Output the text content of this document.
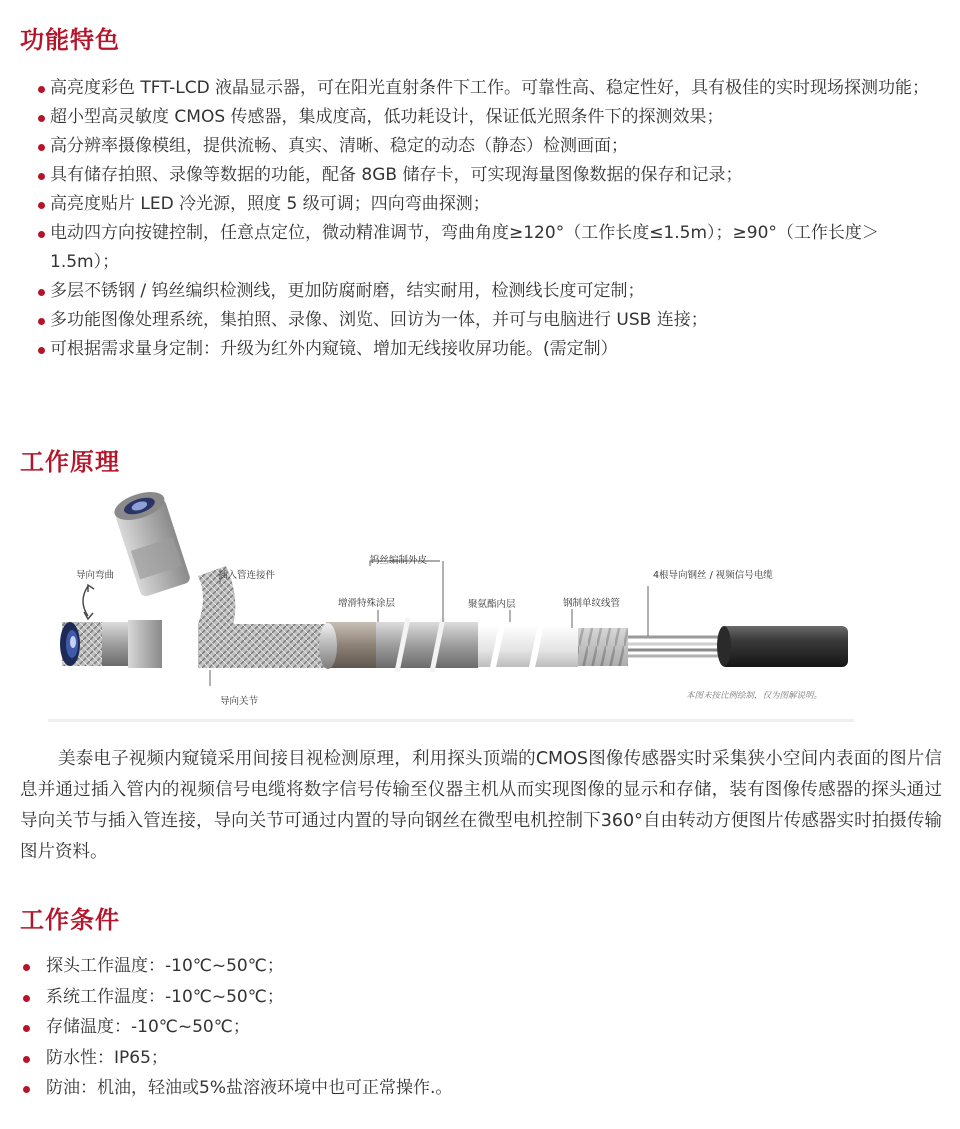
功能特色
高亮度彩色 TFT-LCD 液晶显示器，可在阳光直射条件下工作。可靠性高、稳定性好，具有极佳的实时现场探测功能；
超小型高灵敏度 CMOS 传感器，集成度高，低功耗设计，保证低光照条件下的探测效果；
高分辨率摄像模组，提供流畅、真实、清晰、稳定的动态（静态）检测画面；
具有储存拍照、录像等数据的功能，配备 8GB 储存卡，可实现海量图像数据的保存和记录；
高亮度贴片 LED 冷光源，照度 5 级可调；四向弯曲探测；
电动四方向按键控制，任意点定位，微动精准调节，弯曲角度≥120°（工作长度≤1.5m）；≥90°（工作长度＞1.5m）；
多层不锈钢 / 钨丝编织检测线，更加防腐耐磨，结实耐用，检测线长度可定制；
多功能图像处理系统，集拍照、录像、浏览、回访为一体，并可与电脑进行 USB 连接；
可根据需求量身定制：升级为红外内窥镜、增加无线接收屏功能。(需定制）
工作原理
导向弯曲	插入管连接件
钨丝编制外皮
增滑特殊涂层	聚氨酯内层	钢制单纹线管
4根导向钢丝 / 视频信号电缆
导向关节	本图未按比例绘制，仅为图解说明。

美泰电子视频内窥镜采用间接目视检测原理，利用探头顶端的CMOS图像传感器实时采集狭小空间内表面的图片信息并通过插入管内的视频信号电缆将数字信号传输至仪器主机从而实现图像的显示和存储，装有图像传感器的探头通过导向关节与插入管连接，导向关节可通过内置的导向钢丝在微型电机控制下360°自由转动方便图片传感器实时拍摄传输图片资料。

工作条件
探头工作温度：-10℃~50℃；
系统工作温度：-10℃~50℃；
存储温度：-10℃~50℃；
防水性：IP65；
防油：机油，轻油或5%盐溶液环境中也可正常操作.。
